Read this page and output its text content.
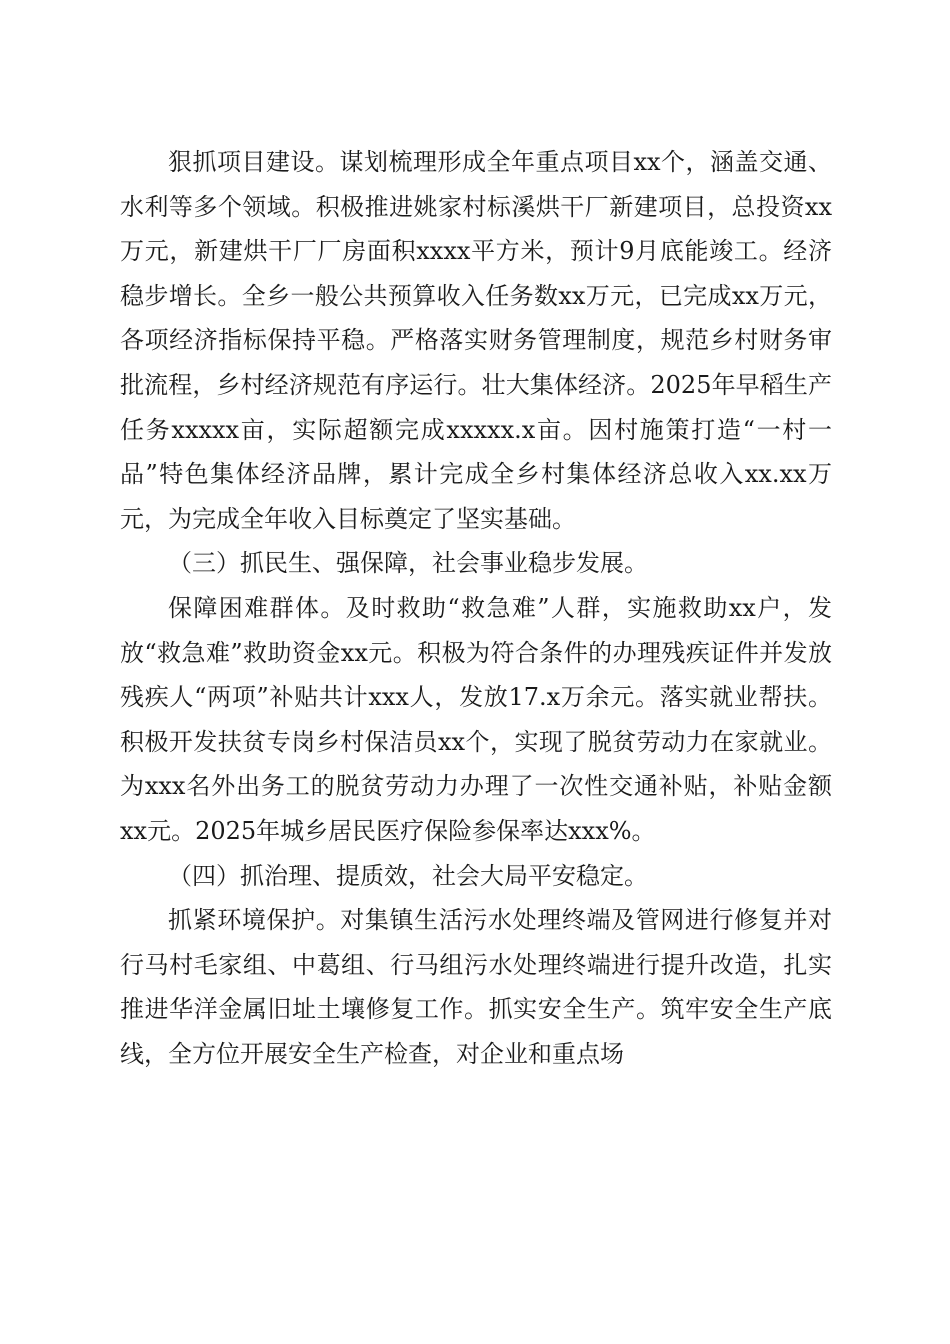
狠抓项目建设。谋划梳理形成全年重点项目xx个，涵盖交通、水利等多个领域。积极推进姚家村标溪烘干厂新建项目，总投资xx万元，新建烘干厂厂房面积xxxx平方米，预计9月底能竣工。经济稳步增长。全乡一般公共预算收入任务数xx万元，已完成xx万元，各项经济指标保持平稳。严格落实财务管理制度，规范乡村财务审批流程，乡村经济规范有序运行。壮大集体经济。2025年早稻生产任务xxxxx亩，实际超额完成xxxxx.x亩。因村施策打造“一村一品”特色集体经济品牌，累计完成全乡村集体经济总收入xx.xx万元，为完成全年收入目标奠定了坚实基础。

（三）抓民生、强保障，社会事业稳步发展。

保障困难群体。及时救助“救急难”人群，实施救助xx户，发放“救急难”救助资金xx元。积极为符合条件的办理残疾证件并发放残疾人“两项”补贴共计xxx人，发放17.x万余元。落实就业帮扶。积极开发扶贫专岗乡村保洁员xx个，实现了脱贫劳动力在家就业。为xxx名外出务工的脱贫劳动力办理了一次性交通补贴，补贴金额xx元。2025年城乡居民医疗保险参保率达xxx%。

（四）抓治理、提质效，社会大局平安稳定。

抓紧环境保护。对集镇生活污水处理终端及管网进行修复并对行马村毛家组、中葛组、行马组污水处理终端进行提升改造，扎实推进华洋金属旧址土壤修复工作。抓实安全生产。筑牢安全生产底线，全方位开展安全生产检查，对企业和重点场
